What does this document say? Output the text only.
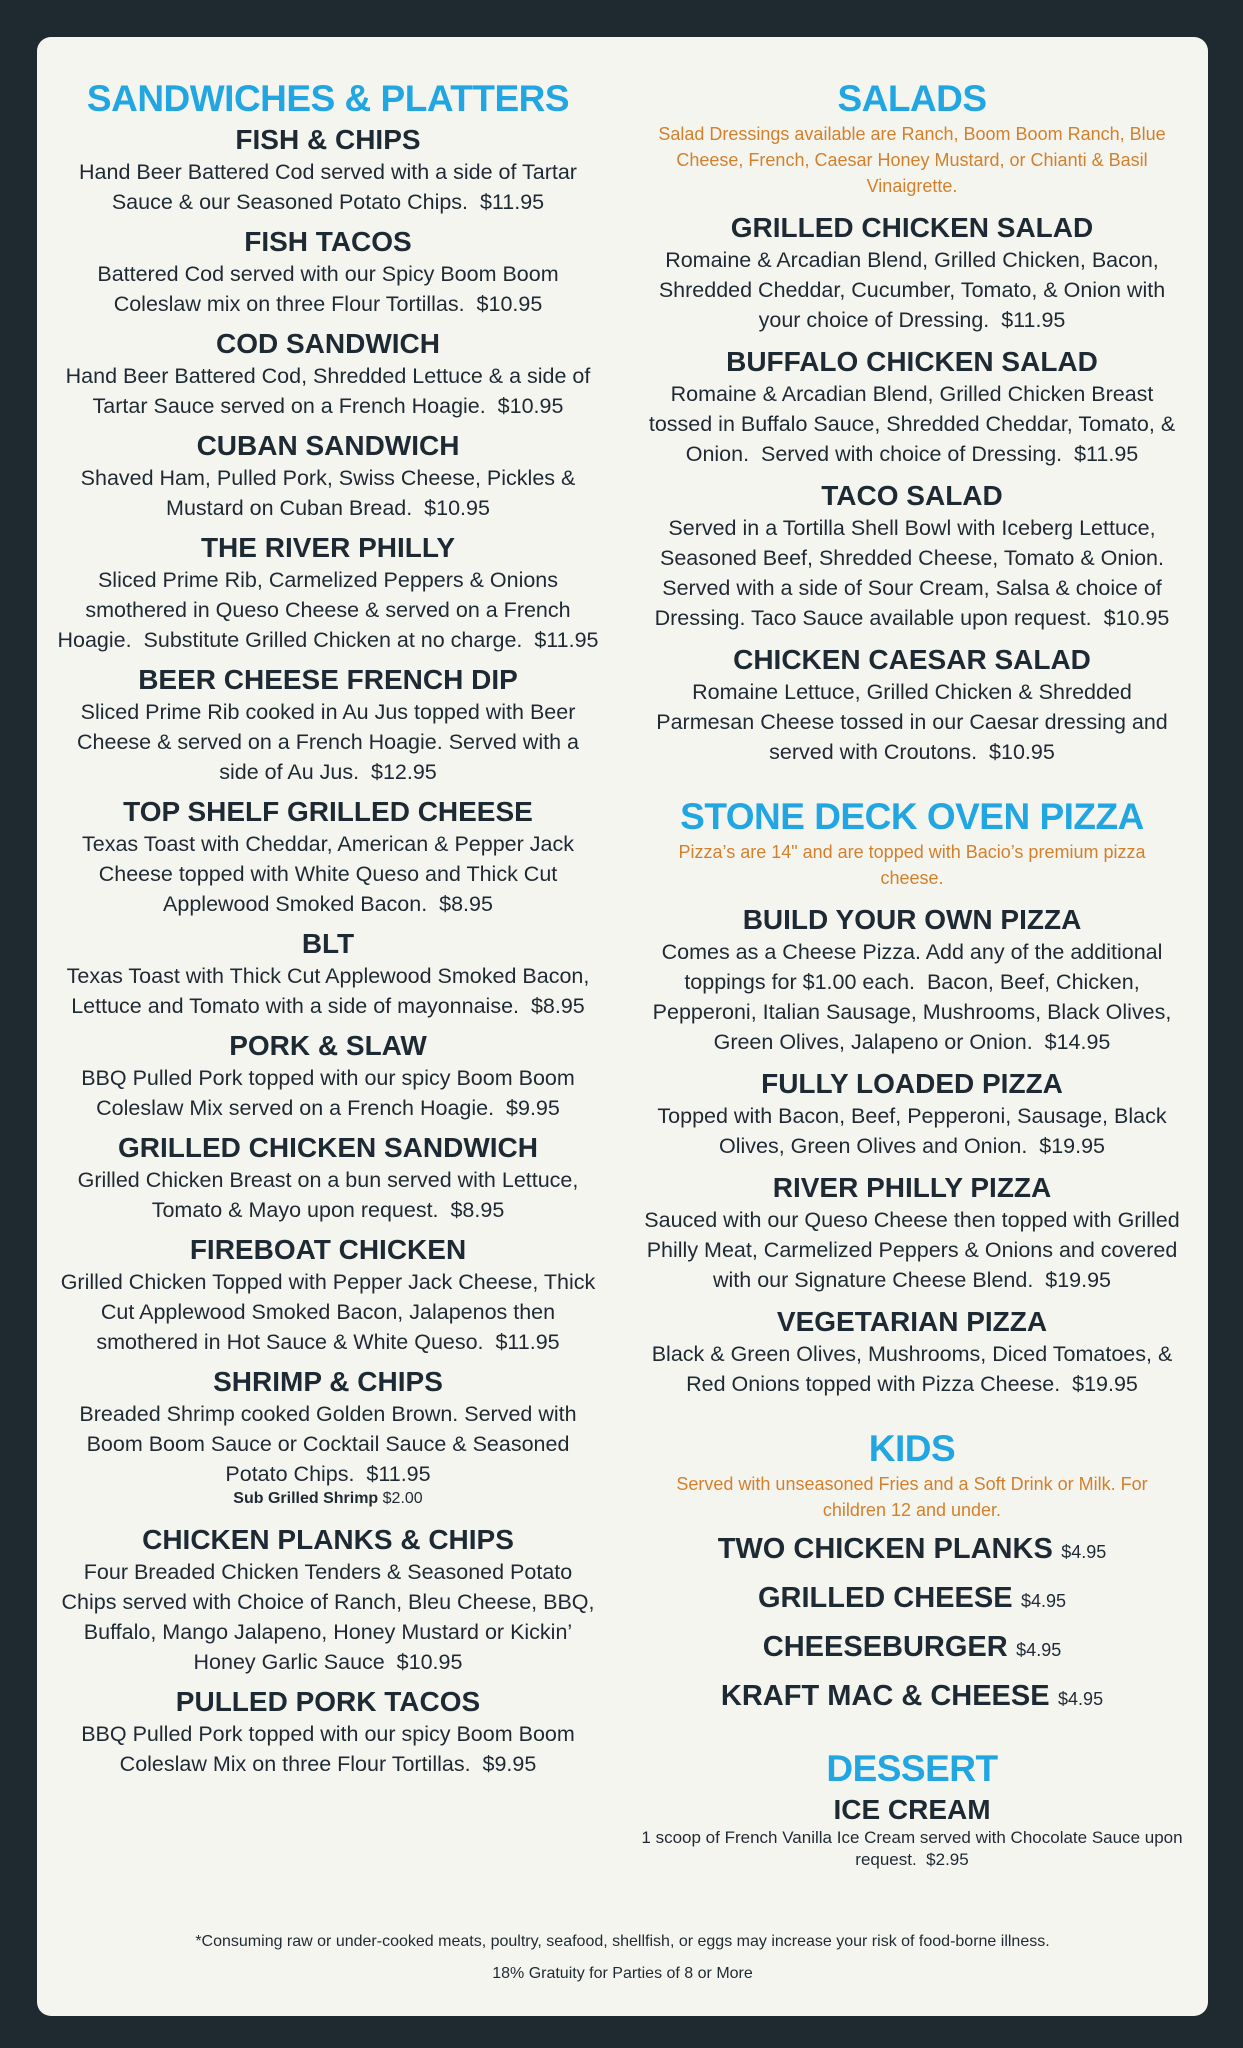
SANDWICHES & PLATTERS
FISH & CHIPS
Hand Beer Battered Cod served with a side of Tartar Sauce & our Seasoned Potato Chips.  $11.95
FISH TACOS
Battered Cod served with our Spicy Boom Boom Coleslaw mix on three Flour Tortillas.  $10.95
COD SANDWICH
Hand Beer Battered Cod, Shredded Lettuce & a side of Tartar Sauce served on a French Hoagie.  $10.95
CUBAN SANDWICH
Shaved Ham, Pulled Pork, Swiss Cheese, Pickles & Mustard on Cuban Bread.  $10.95
THE RIVER PHILLY
Sliced Prime Rib, Carmelized Peppers & Onions smothered in Queso Cheese & served on a French Hoagie.  Substitute Grilled Chicken at no charge.  $11.95
BEER CHEESE FRENCH DIP
Sliced Prime Rib cooked in Au Jus topped with Beer Cheese & served on a French Hoagie. Served with a side of Au Jus.  $12.95
TOP SHELF GRILLED CHEESE
Texas Toast with Cheddar, American & Pepper Jack Cheese topped with White Queso and Thick Cut Applewood Smoked Bacon.  $8.95
BLT
Texas Toast with Thick Cut Applewood Smoked Bacon, Lettuce and Tomato with a side of mayonnaise.  $8.95
PORK & SLAW
BBQ Pulled Pork topped with our spicy Boom Boom Coleslaw Mix served on a French Hoagie.  $9.95
GRILLED CHICKEN SANDWICH
Grilled Chicken Breast on a bun served with Lettuce, Tomato & Mayo upon request.  $8.95
FIREBOAT CHICKEN
Grilled Chicken Topped with Pepper Jack Cheese, Thick Cut Applewood Smoked Bacon, Jalapenos then smothered in Hot Sauce & White Queso.  $11.95
SHRIMP & CHIPS
Breaded Shrimp cooked Golden Brown. Served with Boom Boom Sauce or Cocktail Sauce & Seasoned Potato Chips.  $11.95
Sub Grilled Shrimp $2.00
CHICKEN PLANKS & CHIPS
Four Breaded Chicken Tenders & Seasoned Potato Chips served with Choice of Ranch, Bleu Cheese, BBQ, Buffalo, Mango Jalapeno, Honey Mustard or Kickin’ Honey Garlic Sauce  $10.95
PULLED PORK TACOS
BBQ Pulled Pork topped with our spicy Boom Boom Coleslaw Mix on three Flour Tortillas.  $9.95
SALADS
Salad Dressings available are Ranch, Boom Boom Ranch, Blue Cheese, French, Caesar Honey Mustard, or Chianti & Basil Vinaigrette.
GRILLED CHICKEN SALAD
Romaine & Arcadian Blend, Grilled Chicken, Bacon, Shredded Cheddar, Cucumber, Tomato, & Onion with your choice of Dressing.  $11.95
BUFFALO CHICKEN SALAD
Romaine & Arcadian Blend, Grilled Chicken Breast tossed in Buffalo Sauce, Shredded Cheddar, Tomato, & Onion.  Served with choice of Dressing.  $11.95
TACO SALAD
Served in a Tortilla Shell Bowl with Iceberg Lettuce, Seasoned Beef, Shredded Cheese, Tomato & Onion. Served with a side of Sour Cream, Salsa & choice of Dressing. Taco Sauce available upon request.  $10.95
CHICKEN CAESAR SALAD
Romaine Lettuce, Grilled Chicken & Shredded Parmesan Cheese tossed in our Caesar dressing and served with Croutons.  $10.95
STONE DECK OVEN PIZZA
Pizza’s are 14" and are topped with Bacio’s premium pizza cheese.
BUILD YOUR OWN PIZZA
Comes as a Cheese Pizza. Add any of the additional toppings for $1.00 each.  Bacon, Beef, Chicken, Pepperoni, Italian Sausage, Mushrooms, Black Olives, Green Olives, Jalapeno or Onion.  $14.95
FULLY LOADED PIZZA
Topped with Bacon, Beef, Pepperoni, Sausage, Black Olives, Green Olives and Onion.  $19.95
RIVER PHILLY PIZZA
Sauced with our Queso Cheese then topped with Grilled Philly Meat, Carmelized Peppers & Onions and covered with our Signature Cheese Blend.  $19.95
VEGETARIAN PIZZA
Black & Green Olives, Mushrooms, Diced Tomatoes, & Red Onions topped with Pizza Cheese.  $19.95
KIDS
Served with unseasoned Fries and a Soft Drink or Milk. For children 12 and under.
TWO CHICKEN PLANKS $4.95
GRILLED CHEESE $4.95
CHEESEBURGER $4.95
KRAFT MAC & CHEESE $4.95
DESSERT
ICE CREAM
1 scoop of French Vanilla Ice Cream served with Chocolate Sauce upon request.  $2.95
*Consuming raw or under-cooked meats, poultry, seafood, shellfish, or eggs may increase your risk of food-borne illness.
18% Gratuity for Parties of 8 or More
